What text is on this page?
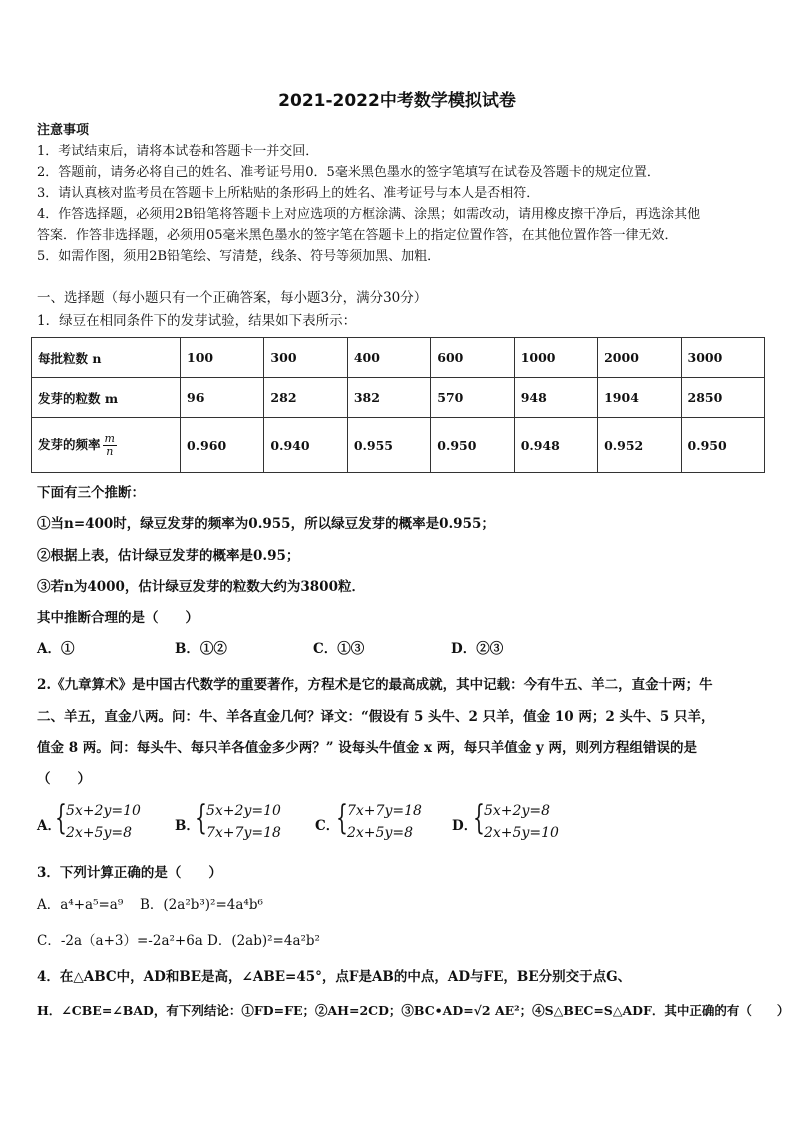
2021-2022中考数学模拟试卷
注意事项
1．考试结束后，请将本试卷和答题卡一并交回．
2．答题前，请务必将自己的姓名、准考证号用0．5毫米黑色墨水的签字笔填写在试卷及答题卡的规定位置．
3．请认真核对监考员在答题卡上所粘贴的条形码上的姓名、准考证号与本人是否相符．
4．作答选择题，必须用2B铅笔将答题卡上对应选项的方框涂满、涂黑；如需改动，请用橡皮擦干净后，再选涂其他
答案．作答非选择题，必须用05毫米黑色墨水的签字笔在答题卡上的指定位置作答，在其他位置作答一律无效．
5．如需作图，须用2B铅笔绘、写清楚，线条、符号等须加黑、加粗．
一、选择题（每小题只有一个正确答案，每小题3分，满分30分）
1．绿豆在相同条件下的发芽试验，结果如下表所示：
每批粒数 n	100	300	400	600	1000	2000	3000
发芽的粒数 m	96	282	382	570	948	1904	2850
发芽的频率 $\frac{m}{n}$	0.960	0.940	0.955	0.950	0.948	0.952	0.950
下面有三个推断：
①当n=400时，绿豆发芽的频率为0.955，所以绿豆发芽的概率是0.955；
②根据上表，估计绿豆发芽的概率是0.95；
③若n为4000，估计绿豆发芽的粒数大约为3800粒．
其中推断合理的是（　　）
A．①	B．①②	C．①③	D．②③
2.《九章算术》是中国古代数学的重要著作，方程术是它的最高成就，其中记载：今有牛五、羊二，直金十两；牛
二、羊五，直金八两。问：牛、羊各直金几何？译文：“假设有 5 头牛、2 只羊，值金 10 两；2 头牛、5 只羊，
值金 8 两。问：每头牛、每只羊各值金多少两？” 设每头牛值金 x 两，每只羊值金 y 两，则列方程组错误的是
（　　）
A．
{ 5x+2y=10
2x+5y=8	B．
{ 5x+2y=10
7x+7y=18	C．
{ 7x+7y=18
2x+5y=8	D．
{ 5x+2y=8
2x+5y=10
3．下列计算正确的是（　　）
A．a⁴+a⁵=a⁹ B．(2a²b³)²=4a⁴b⁶
C．-2a（a+3）=-2a²+6a D．(2ab)²=4a²b²
4．在△ABC中，AD和BE是高，∠ABE=45°，点F是AB的中点，AD与FE，BE分别交于点G、
H．∠CBE=∠BAD，有下列结论：①FD=FE；②AH=2CD；③BC•AD=√2 AE²；④S△BEC=S△ADF．其中正确的有（　　）
